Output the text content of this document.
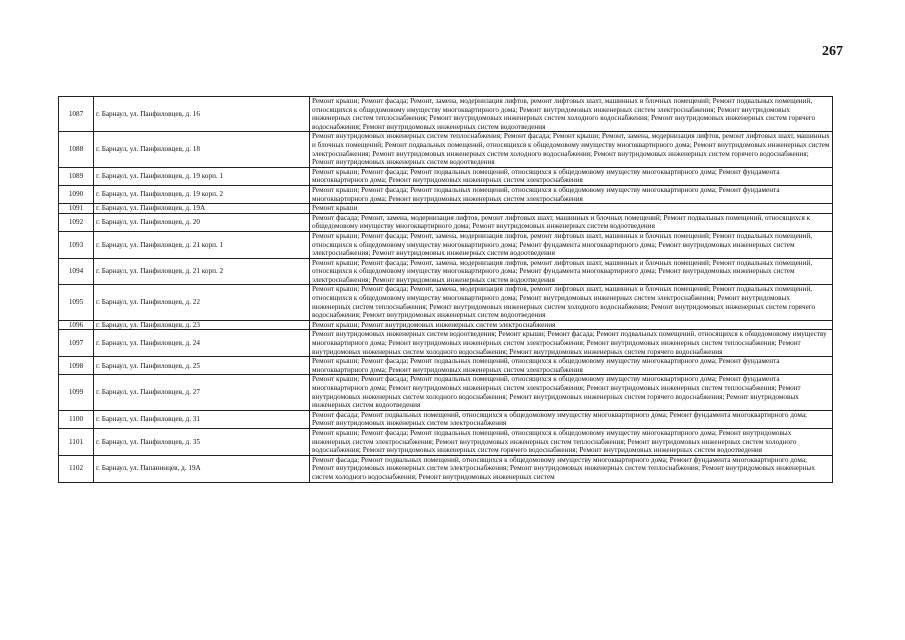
267
1087	г. Барнаул, ул. Панфиловцев, д. 16	Ремонт крыши; Ремонт фасада; Ремонт, замена, модернизация лифтов, ремонт лифтовых шахт, машинных и блочных помещений; Ремонт подвальных помещений, относящихся к общедомовому имуществу многоквартирного дома; Ремонт внутридомовых инженерных систем электроснабжения; Ремонт внутридомовых инженерных систем теплоснабжения; Ремонт внутридомовых инженерных систем холодного водоснабжения; Ремонт внутридомовых инженерных систем горячего водоснабжения; Ремонт внутридомовых инженерных систем водоотведения
1088	г. Барнаул, ул. Панфиловцев, д. 18	Ремонт внутридомовых инженерных систем теплоснабжения; Ремонт фасада; Ремонт крыши; Ремонт, замена, модернизация лифтов, ремонт лифтовых шахт, машинных и блочных помещений; Ремонт подвальных помещений, относящихся к общедомовому имуществу многоквартирного дома; Ремонт внутридомовых инженерных систем электроснабжения; Ремонт внутридомовых инженерных систем холодного водоснабжения; Ремонт внутридомовых инженерных систем горячего водоснабжения; Ремонт внутридомовых инженерных систем водоотведения
1089	г. Барнаул, ул. Панфиловцев, д. 19 корп. 1	Ремонт крыши; Ремонт фасада; Ремонт подвальных помещений, относящихся к общедомовому имуществу многоквартирного дома; Ремонт фундамента многоквартирного дома; Ремонт внутридомовых инженерных систем электроснабжения
1090	г. Барнаул, ул. Панфиловцев, д. 19 корп. 2	Ремонт крыши; Ремонт фасада; Ремонт подвальных помещений, относящихся к общедомовому имуществу многоквартирного дома; Ремонт фундамента многоквартирного дома; Ремонт внутридомовых инженерных систем электроснабжения
1091	г. Барнаул, ул. Панфиловцев, д. 19А	Ремонт крыши
1092	г. Барнаул, ул. Панфиловцев, д. 20	Ремонт фасада; Ремонт, замена, модернизация лифтов, ремонт лифтовых шахт, машинных и блочных помещений; Ремонт подвальных помещений, относящихся к общедомовому имуществу многоквартирного дома; Ремонт внутридомовых инженерных систем водоотведения
1093	г. Барнаул, ул. Панфиловцев, д. 21 корп. 1	Ремонт крыши; Ремонт фасада; Ремонт, замена, модернизация лифтов, ремонт лифтовых шахт, машинных и блочных помещений; Ремонт подвальных помещений, относящихся к общедомовому имуществу многоквартирного дома; Ремонт фундамента многоквартирного дома; Ремонт внутридомовых инженерных систем электроснабжения; Ремонт внутридомовых инженерных систем водоотведения
1094	г. Барнаул, ул. Панфиловцев, д. 21 корп. 2	Ремонт крыши; Ремонт фасада; Ремонт, замена, модернизация лифтов, ремонт лифтовых шахт, машинных и блочных помещений; Ремонт подвальных помещений, относящихся к общедомовому имуществу многоквартирного дома; Ремонт фундамента многоквартирного дома; Ремонт внутридомовых инженерных систем электроснабжения; Ремонт внутридомовых инженерных систем водоотведения
1095	г. Барнаул, ул. Панфиловцев, д. 22	Ремонт крыши; Ремонт фасада; Ремонт, замена, модернизация лифтов, ремонт лифтовых шахт, машинных и блочных помещений; Ремонт подвальных помещений, относящихся к общедомовому имуществу многоквартирного дома; Ремонт внутридомовых инженерных систем электроснабжения; Ремонт внутридомовых инженерных систем теплоснабжения; Ремонт внутридомовых инженерных систем холодного водоснабжения; Ремонт внутридомовых инженерных систем горячего водоснабжения; Ремонт внутридомовых инженерных систем водоотведения
1096	г. Барнаул, ул. Панфиловцев, д. 23	Ремонт крыши; Ремонт внутридомовых инженерных систем электроснабжения
1097	г. Барнаул, ул. Панфиловцев, д. 24	Ремонт внутридомовых инженерных систем водоотведения; Ремонт крыши; Ремонт фасада; Ремонт подвальных помещений, относящихся к общедомовому имуществу многоквартирного дома; Ремонт внутридомовых инженерных систем электроснабжения; Ремонт внутридомовых инженерных систем теплоснабжения; Ремонт внутридомовых инженерных систем холодного водоснабжения; Ремонт внутридомовых инженерных систем горячего водоснабжения
1098	г. Барнаул, ул. Панфиловцев, д. 25	Ремонт крыши; Ремонт фасада; Ремонт подвальных помещений, относящихся к общедомовому имуществу многоквартирного дома; Ремонт фундамента многоквартирного дома; Ремонт внутридомовых инженерных систем электроснабжения
1099	г. Барнаул, ул. Панфиловцев, д. 27	Ремонт крыши; Ремонт фасада; Ремонт подвальных помещений, относящихся к общедомовому имуществу многоквартирного дома; Ремонт фундамента многоквартирного дома; Ремонт внутридомовых инженерных систем электроснабжения; Ремонт внутридомовых инженерных систем теплоснабжения; Ремонт внутридомовых инженерных систем холодного водоснабжения; Ремонт внутридомовых инженерных систем горячего водоснабжения; Ремонт внутридомовых инженерных систем водоотведения
1100	г. Барнаул, ул. Панфиловцев, д. 31	Ремонт фасада; Ремонт подвальных помещений, относящихся к общедомовому имуществу многоквартирного дома; Ремонт фундамента многоквартирного дома; Ремонт внутридомовых инженерных систем электроснабжения
1101	г. Барнаул, ул. Панфиловцев, д. 35	Ремонт крыши; Ремонт фасада; Ремонт подвальных помещений, относящихся к общедомовому имуществу многоквартирного дома; Ремонт внутридомовых инженерных систем электроснабжения; Ремонт внутридомовых инженерных систем теплоснабжения; Ремонт внутридомовых инженерных систем холодного водоснабжения; Ремонт внутридомовых инженерных систем горячего водоснабжения; Ремонт внутридомовых инженерных систем водоотведения
1102	г. Барнаул, ул. Папанинцев, д. 19А	Ремонт фасада; Ремонт подвальных помещений, относящихся к общедомовому имуществу многоквартирного дома; Ремонт фундамента многоквартирного дома; Ремонт внутридомовых инженерных систем электроснабжения; Ремонт внутридомовых инженерных систем теплоснабжения; Ремонт внутридомовых инженерных систем холодного водоснабжения; Ремонт внутридомовых инженерных систем
